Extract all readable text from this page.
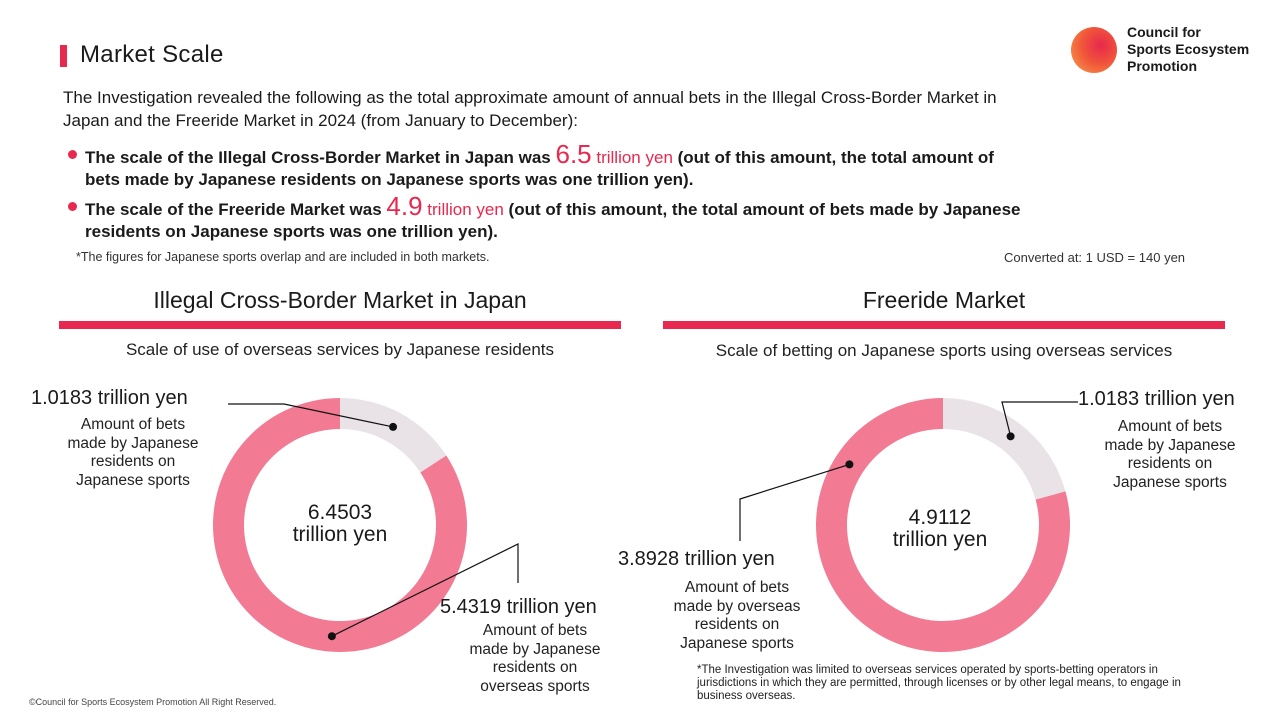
Market Scale
Council for
Sports Ecosystem
Promotion
The Investigation revealed the following as the total approximate amount of annual bets in the Illegal Cross-Border Market in Japan and the Freeride Market in 2024 (from January to December):
The scale of the Illegal Cross-Border Market in Japan was 6.5 trillion yen (out of this amount, the total amount of bets made by Japanese residents on Japanese sports was one trillion yen).
The scale of the Freeride Market was 4.9 trillion yen (out of this amount, the total amount of bets made by Japanese residents on Japanese sports was one trillion yen).
*The figures for Japanese sports overlap and are included in both markets.	Converted at: 1 USD = 140 yen
Illegal Cross-Border Market in Japan
Scale of use of overseas services by Japanese residents
Freeride Market
Scale of betting on Japanese sports using overseas services
6.4503
trillion yen
1.0183 trillion yen
Amount of bets
made by Japanese
residents on
Japanese sports
5.4319 trillion yen
Amount of bets
made by Japanese
residents on
overseas sports
4.9112
trillion yen
1.0183 trillion yen
Amount of bets
made by Japanese
residents on
Japanese sports
3.8928 trillion yen
Amount of bets
made by overseas
residents on
Japanese sports
*The Investigation was limited to overseas services operated by sports-betting operators in jurisdictions in which they are permitted, through licenses or by other legal means, to engage in business overseas.
©Council for Sports Ecosystem Promotion All Right Reserved.
